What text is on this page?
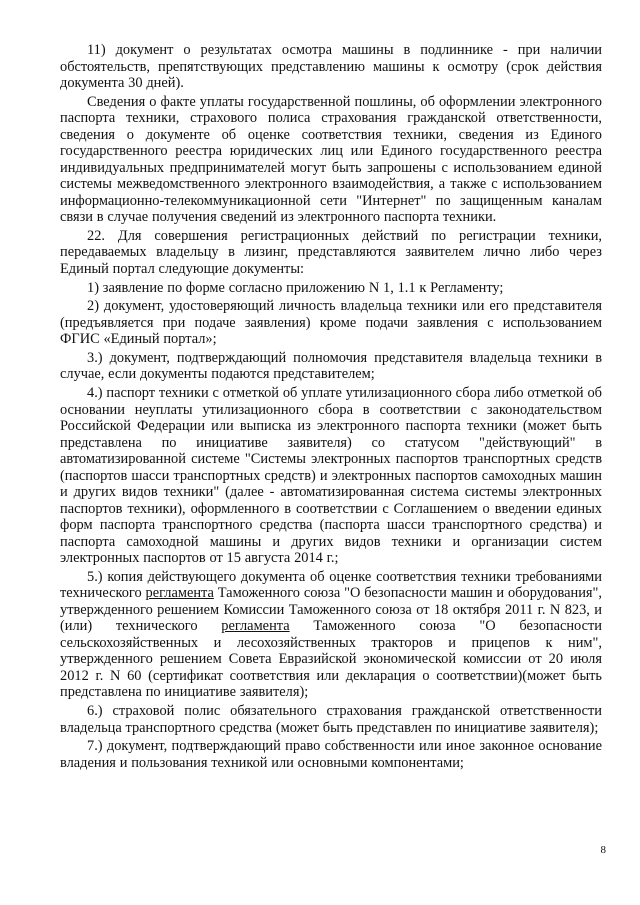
11) документ о результатах осмотра машины в подлиннике - при наличии обстоятельств, препятствующих представлению машины к осмотру (срок действия документа 30 дней).

Сведения о факте уплаты государственной пошлины, об оформлении электронного паспорта техники, страхового полиса страхования гражданской ответственности, сведения о документе об оценке соответствия техники, сведения из Единого государственного реестра юридических лиц или Единого государственного реестра индивидуальных предпринимателей могут быть запрошены с использованием единой системы межведомственного электронного взаимодействия, а также с использованием информационно-телекоммуникационной сети "Интернет" по защищенным каналам связи в случае получения сведений из электронного паспорта техники.

22. Для совершения регистрационных действий по регистрации техники, передаваемых владельцу в лизинг, представляются заявителем лично либо через Единый портал следующие документы:

1) заявление по форме согласно приложению N 1, 1.1 к Регламенту;

2) документ, удостоверяющий личность владельца техники или его представителя (предъявляется при подаче заявления) кроме подачи заявления с использованием ФГИС «Единый портал»;

3.) документ, подтверждающий полномочия представителя владельца техники в случае, если документы подаются представителем;

4.) паспорт техники с отметкой об уплате утилизационного сбора либо отметкой об основании неуплаты утилизационного сбора в соответствии с законодательством Российской Федерации или выписка из электронного паспорта техники (может быть представлена по инициативе заявителя) со статусом "действующий" в автоматизированной системе "Системы электронных паспортов транспортных средств (паспортов шасси транспортных средств) и электронных паспортов самоходных машин и других видов техники" (далее - автоматизированная система системы электронных паспортов техники), оформленного в соответствии с Соглашением о введении единых форм паспорта транспортного средства (паспорта шасси транспортного средства) и паспорта самоходной машины и других видов техники и организации систем электронных паспортов от 15 августа 2014 г.;

5.) копия действующего документа об оценке соответствия техники требованиями технического регламента Таможенного союза "О безопасности машин и оборудования", утвержденного решением Комиссии Таможенного союза от 18 октября 2011 г. N 823, и (или) технического регламента Таможенного союза "О безопасности сельскохозяйственных и лесохозяйственных тракторов и прицепов к ним", утвержденного решением Совета Евразийской экономической комиссии от 20 июля 2012 г. N 60 (сертификат соответствия или декларация о соответствии)(может быть представлена по инициативе заявителя);

6.) страховой полис обязательного страхования гражданской ответственности владельца транспортного средства (может быть представлен по инициативе заявителя);

7.) документ, подтверждающий право собственности или иное законное основание владения и пользования техникой или основными компонентами;

8
